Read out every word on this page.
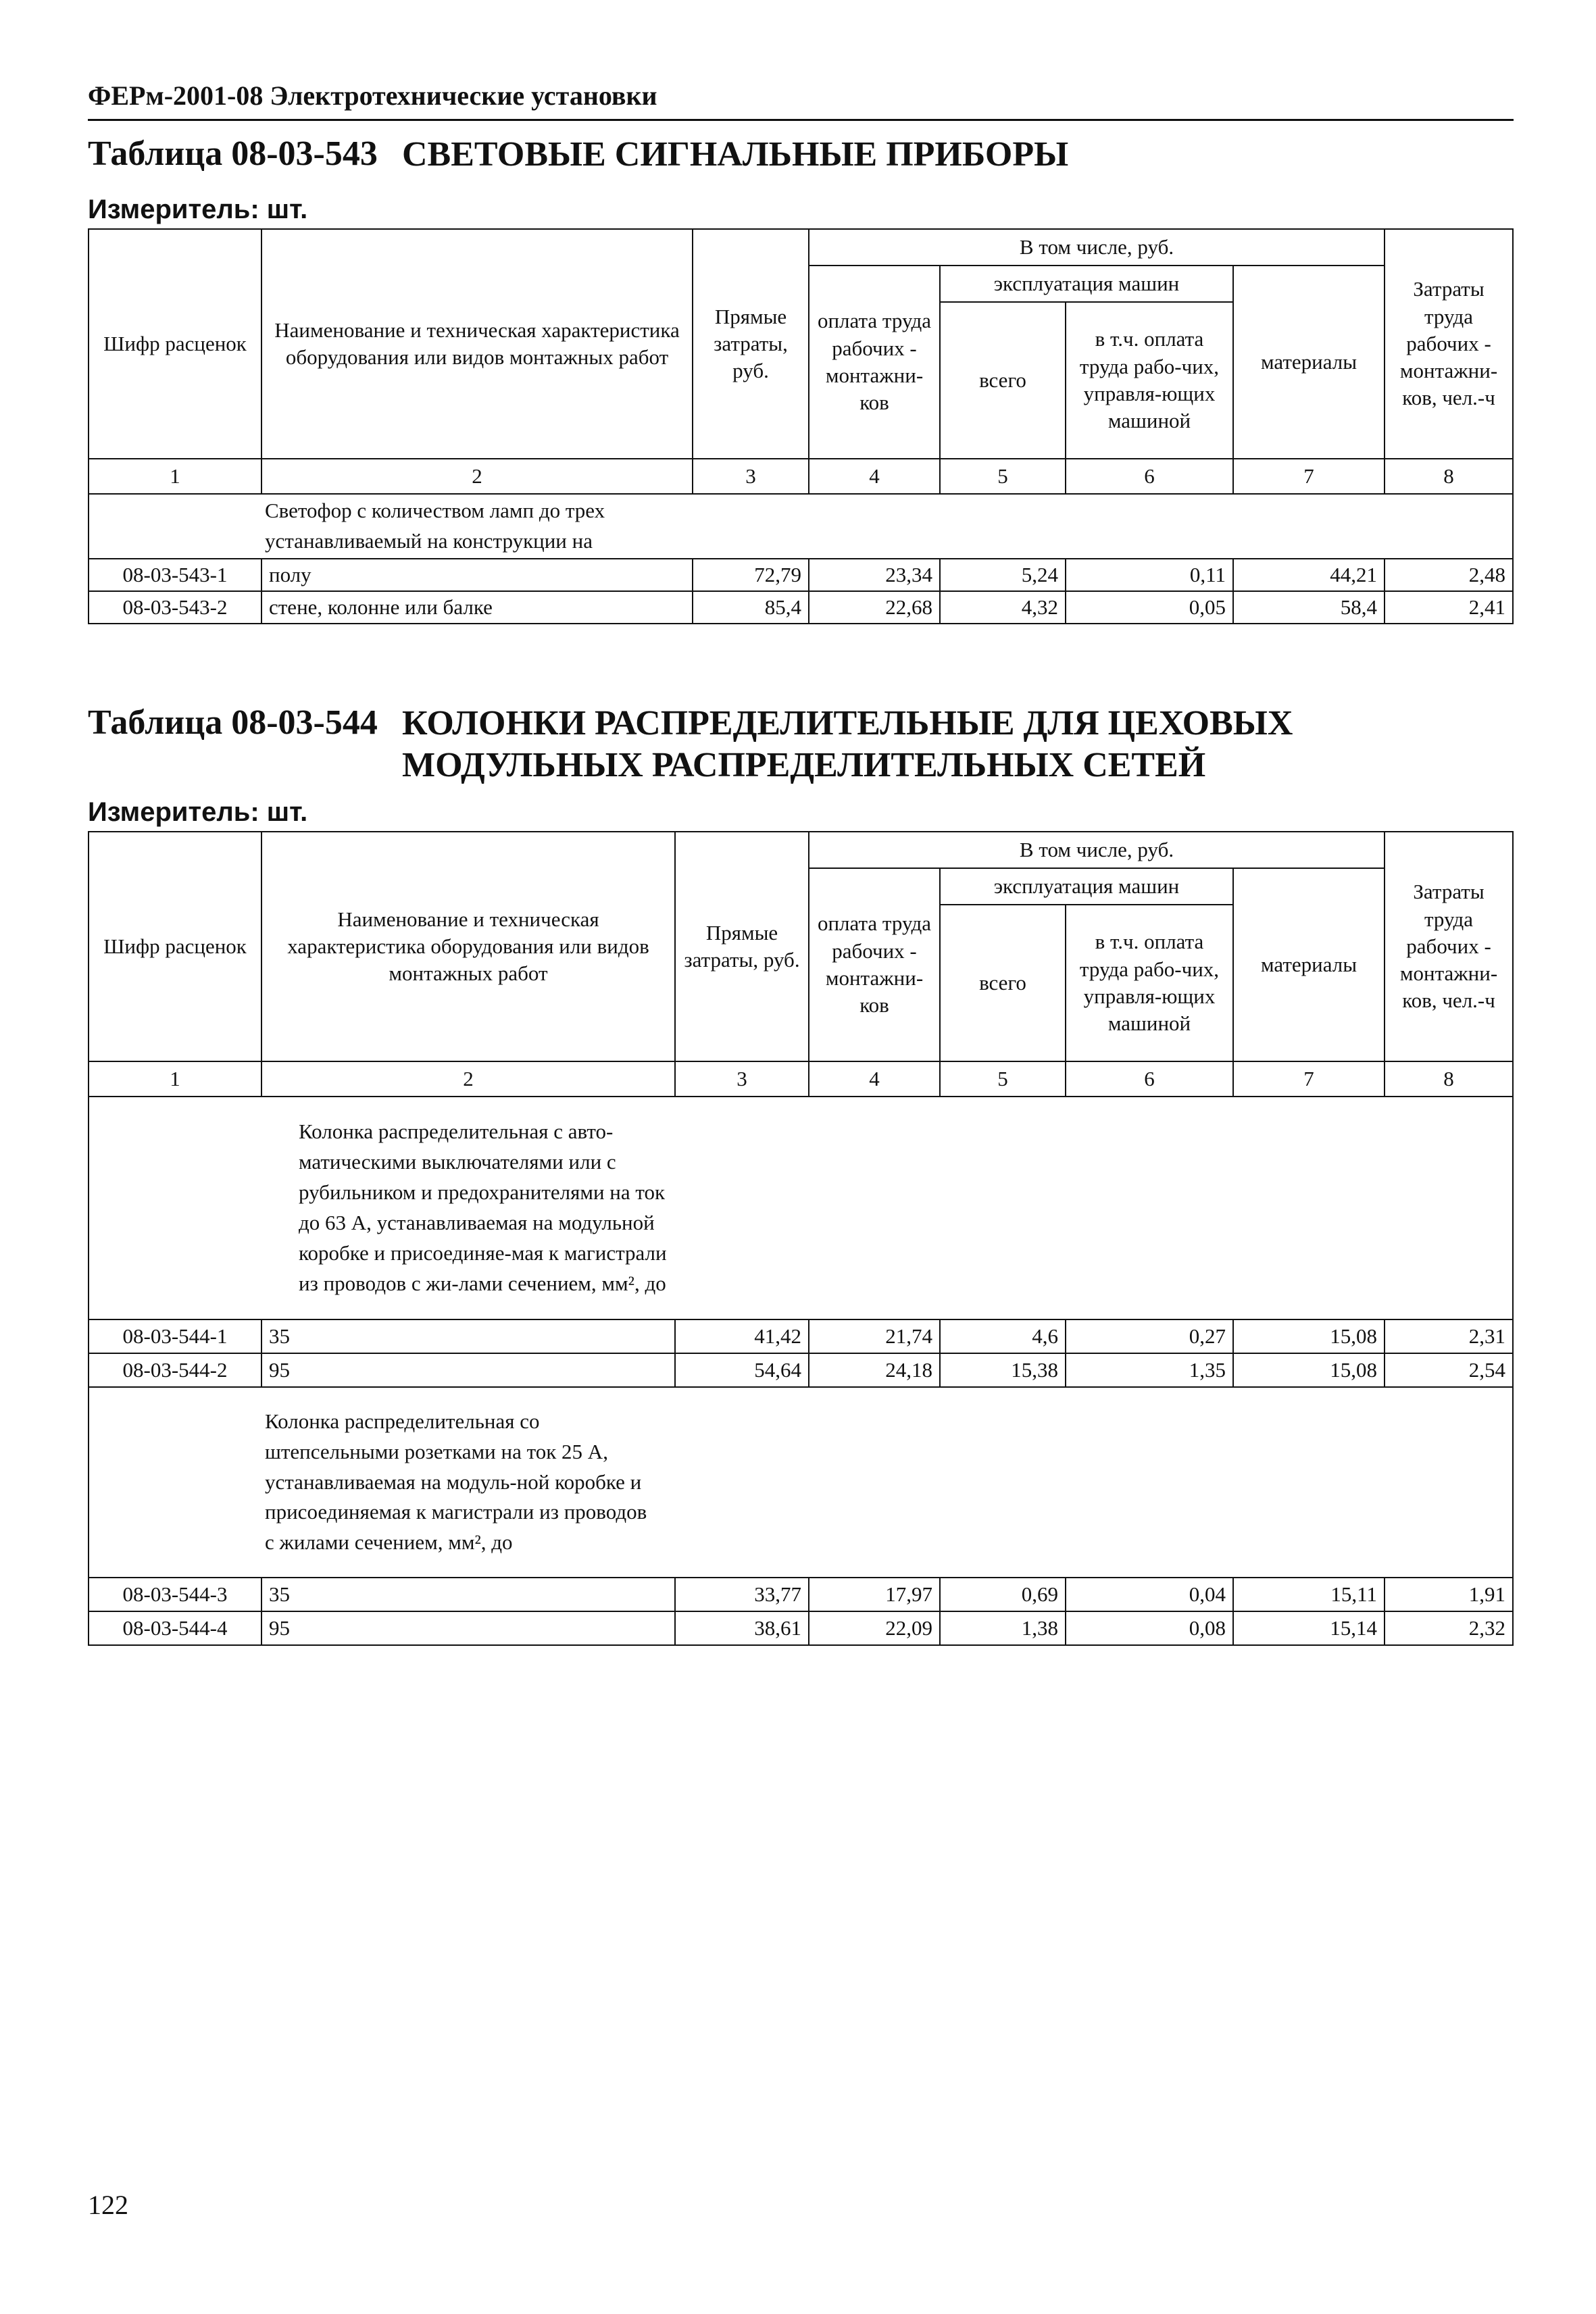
ФЕРм-2001-08 Электротехнические установки
Таблица 08-03-543 СВЕТОВЫЕ СИГНАЛЬНЫЕ ПРИБОРЫ
Измеритель: шт.
Шифр расценок	Наименование и техническая характеристика оборудования или видов монтажных работ	Прямые затраты, руб.	В том числе, руб.				Затраты труда рабочих - монтажни-ков, чел.-ч
			оплата труда рабочих - монтажни-ков	эксплуатация машин		материалы	
				всего	в т.ч. оплата труда рабо-чих, управля-ющих машиной		
1	2	3	4	5	6	7	8
Светофор с количеством ламп до трех устанавливаемый на конструкции на							
08-03-543-1	полу	72,79	23,34	5,24	0,11	44,21	2,48
08-03-543-2	стене, колонне или балке	85,4	22,68	4,32	0,05	58,4	2,41
Таблица 08-03-544 КОЛОНКИ РАСПРЕДЕЛИТЕЛЬНЫЕ ДЛЯ ЦЕХОВЫХ
МОДУЛЬНЫХ РАСПРЕДЕЛИТЕЛЬНЫХ СЕТЕЙ
Измеритель: шт.
Шифр расценок	Наименование и техническая характеристика оборудования или видов монтажных работ	Прямые затраты, руб.	В том числе, руб.				Затраты труда рабочих - монтажни-ков, чел.-ч
			оплата труда рабочих - монтажни-ков	эксплуатация машин		материалы	
				всего	в т.ч. оплата труда рабо-чих, управля-ющих машиной		
1	2	3	4	5	6	7	8
Колонка распределительная с авто-матическими выключателями или с рубильником и предохранителями на ток до 63 А, устанавливаемая на модульной коробке и присоединяе-мая к магистрали из проводов с жи-лами сечением, мм², до							
08-03-544-1	35	41,42	21,74	4,6	0,27	15,08	2,31
08-03-544-2	95	54,64	24,18	15,38	1,35	15,08	2,54
Колонка распределительная со штепсельными розетками на ток 25 А, устанавливаемая на модуль-ной коробке и присоединяемая к магистрали из проводов с жилами сечением, мм², до							
08-03-544-3	35	33,77	17,97	0,69	0,04	15,11	1,91
08-03-544-4	95	38,61	22,09	1,38	0,08	15,14	2,32
122
